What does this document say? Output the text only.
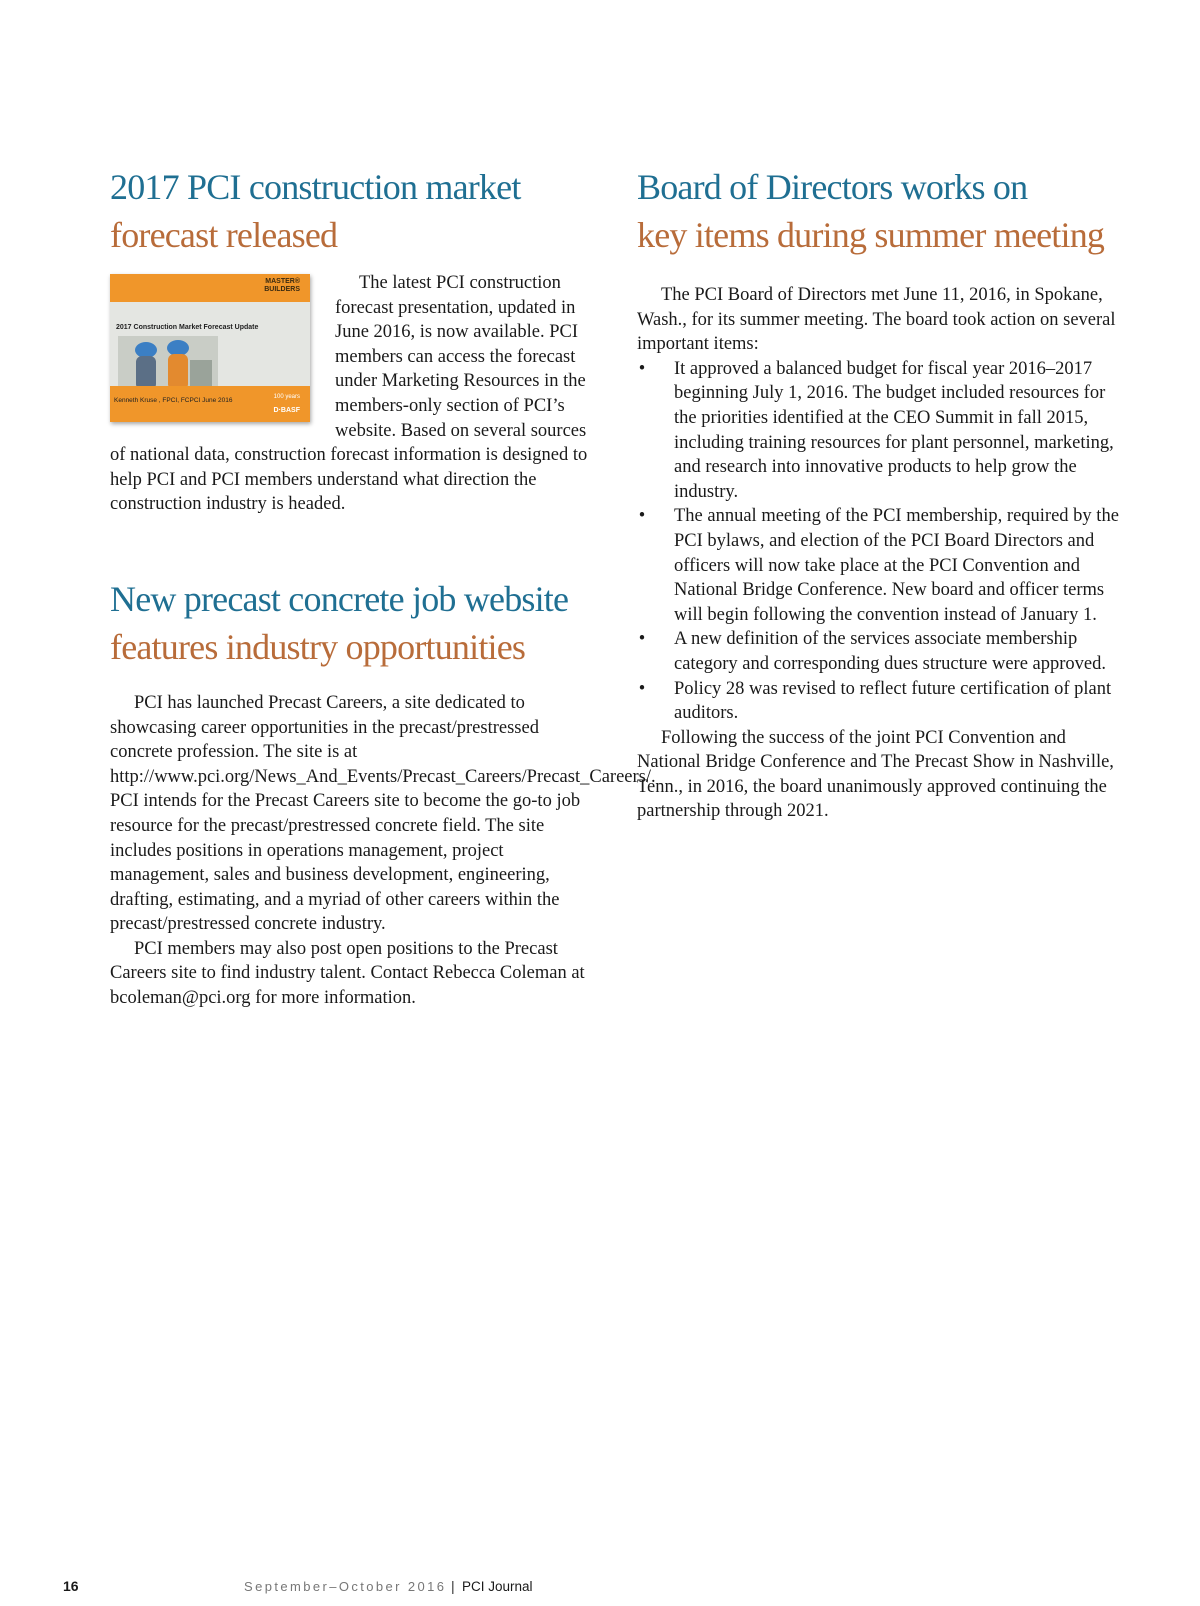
2017 PCI construction market
forecast released
MASTER®
BUILDERS
2017 Construction Market Forecast Update
Kenneth Kruse , FPCI, FCPCI June 2016	100 years
D·BASF

The latest PCI construction forecast presentation, updated in June 2016, is now available. PCI members can access the forecast under Marketing Resources in the members-only section of PCI’s website. Based on several sources of national data, construction forecast information is designed to help PCI and PCI members understand what direction the construction industry is headed.

New precast concrete job website
features industry opportunities

PCI has launched Precast Careers, a site dedicated to showcasing career opportunities in the precast/prestressed concrete profession. The site is at http://www.pci.org/News_And_Events/Precast_Careers/Precast_Careers/. PCI intends for the Precast Careers site to become the go-to job resource for the precast/prestressed concrete field. The site includes positions in operations management, project management, sales and business development, engineering, drafting, estimating, and a myriad of other careers within the precast/prestressed concrete industry.

PCI members may also post open positions to the Precast Careers site to find industry talent. Contact Rebecca Coleman at bcoleman@pci.org for more information.

Board of Directors works on
key items during summer meeting

The PCI Board of Directors met June 11, 2016, in Spokane, Wash., for its summer meeting. The board took action on several important items:

• It approved a balanced budget for fiscal year 2016–2017 beginning July 1, 2016. The budget included resources for the priorities identified at the CEO Summit in fall 2015, including training resources for plant personnel, marketing, and research into innovative products to help grow the industry.
• The annual meeting of the PCI membership, required by the PCI bylaws, and election of the PCI Board Directors and officers will now take place at the PCI Convention and National Bridge Conference. New board and officer terms will begin following the convention instead of January 1.
• A new definition of the services associate membership category and corresponding dues structure were approved.
• Policy 28 was revised to reflect future certification of plant auditors.

Following the success of the joint PCI Convention and National Bridge Conference and The Precast Show in Nashville, Tenn., in 2016, the board unanimously approved continuing the partnership through 2021.

16	September–October 2016 | PCI Journal
